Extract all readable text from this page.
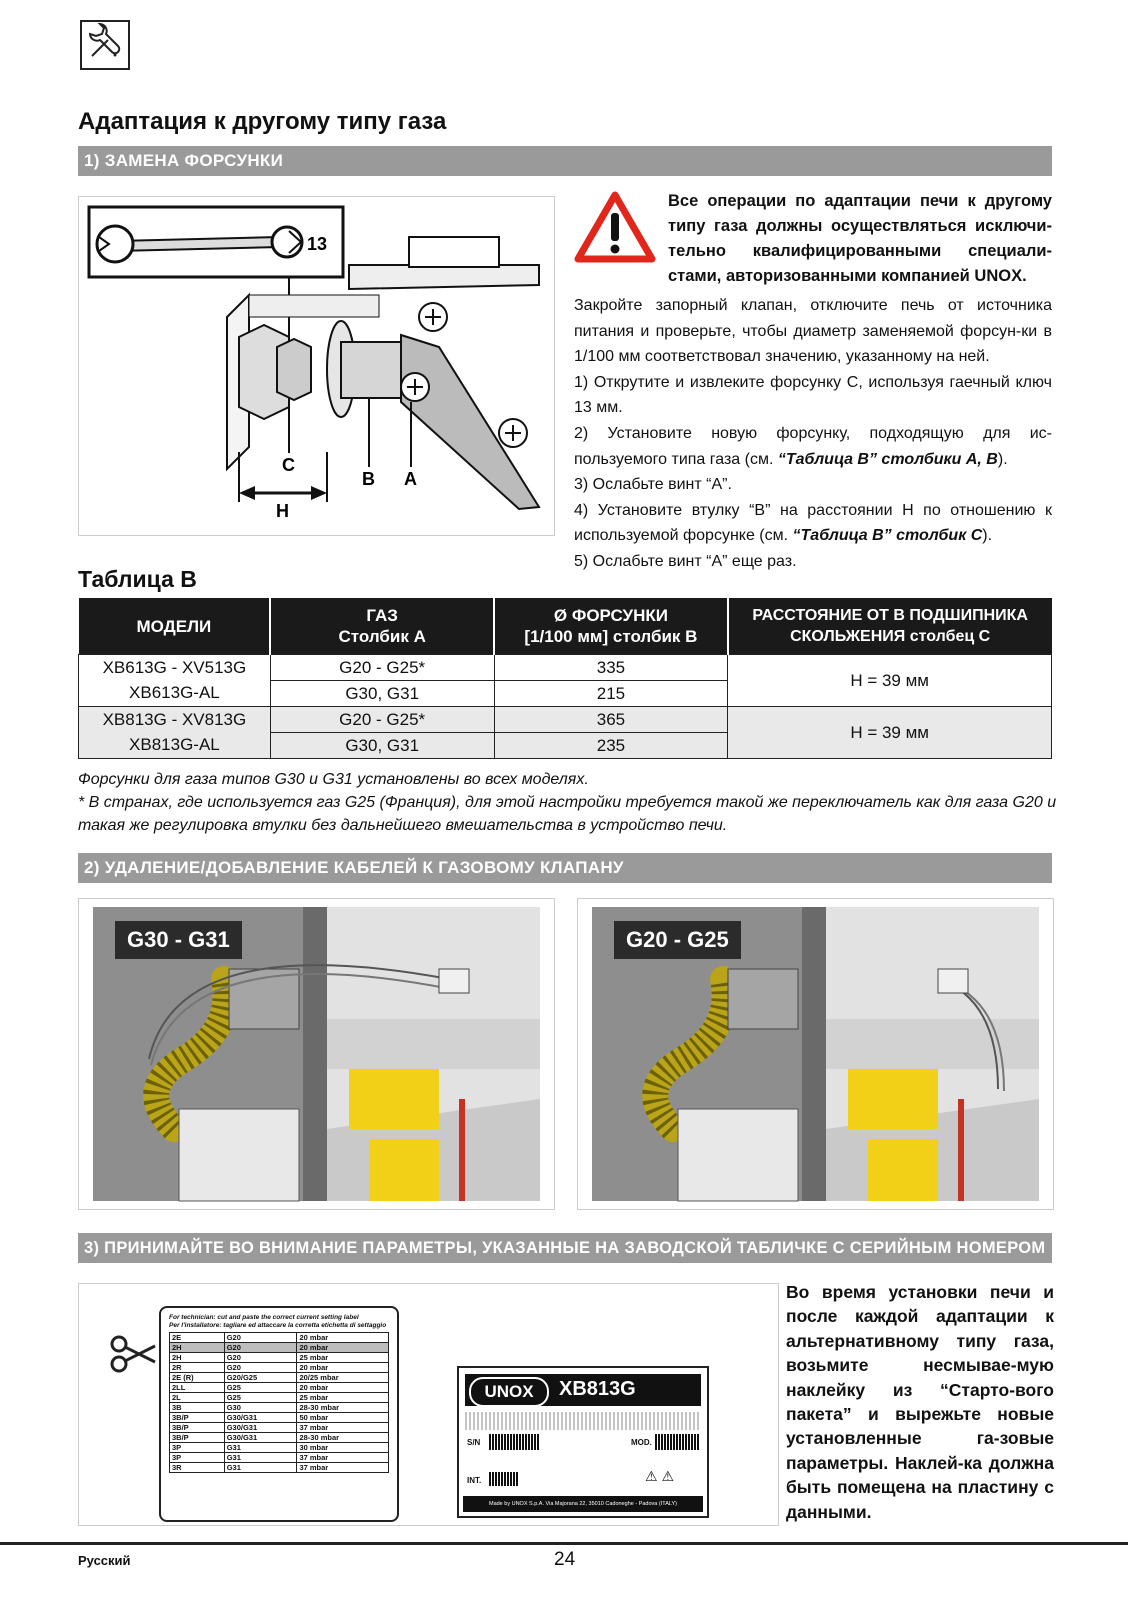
Адаптация к другому типу газа
1) ЗАМЕНА ФОРСУНКИ
13
C
B A
H
Все операции по адаптации печи к другому типу газа должны осуществляться исключи-тельно квалифицированными специали-стами, авторизованными компанией UNOX.

Закройте запорный клапан, отключите печь от источника питания и проверьте, чтобы диаметр заменяемой форсун-ки в 1/100 мм соответствовал значению, указанному на ней.

1) Открутите и извлеките форсунку С, используя гаечный ключ 13 мм.

2) Установите новую форсунку, подходящую для ис-пользуемого типа газа (см. “Таблица В” столбики А, В).

3) Ослабьте винт “А”.

4) Установите втулку “В” на расстоянии Н по отношению к используемой форсунке (см. “Таблица В” столбик С).

5) Ослабьте винт “А” еще раз.

Таблица В
МОДЕЛИ	ГАЗ
Столбик А	Ø ФОРСУНКИ
[1/100 мм] столбик В	РАССТОЯНИЕ ОТ В ПОДШИПНИКА
СКОЛЬЖЕНИЯ столбец С
XB613G - XV513G	G20 - G25*	335	H = 39 мм
XB613G-AL	G30, G31	215	
XB813G - XV813G	G20 - G25*	365	H = 39 мм
XB813G-AL	G30, G31	235	
Форсунки для газа типов G30 и G31 установлены во всех моделях.
* В странах, где используется газ G25 (Франция), для этой настройки требуется такой же переключатель как для газа G20 и такая же регулировка втулки без дальнейшего вмешательства в устройство печи.
2) УДАЛЕНИЕ/ДОБАВЛЕНИЕ КАБЕЛЕЙ К ГАЗОВОМУ КЛАПАНУ
G30 - G31	G20 - G25
3) ПРИНИМАЙТЕ ВО ВНИМАНИЕ ПАРАМЕТРЫ, УКАЗАННЫЕ НА ЗАВОДСКОЙ ТАБЛИЧКЕ С СЕРИЙНЫМ НОМЕРОМ
For technician: cut and paste the correct current setting label
Per l'installatore: tagliare ed attaccare la corretta etichetta di settaggio
2E	G20	20 mbar
2H	G20	20 mbar
2H	G20	25 mbar
2R	G20	20 mbar
2E (R)	G20/G25	20/25 mbar
2LL	G25	20 mbar
2L	G25	25 mbar
3B	G30	28-30 mbar
3B/P	G30/G31	50 mbar
3B/P	G30/G31	37 mbar
3B/P	G30/G31	28-30 mbar
3P	G31	30 mbar
3P	G31	37 mbar
3R	G31	37 mbar
UNOX	XB813G
S/N	MOD.
INT.	⚠ ⚠
Made by UNOX S.p.A. Via Majorana 22, 35010 Cadoneghe - Padova (ITALY)
Во время установки печи и после каждой адаптации к альтернативному типу газа, возьмите несмывае-мую наклейку из “Старто-вого пакета” и вырежьте новые установленные га-зовые параметры. Наклей-ка должна быть помещена на пластину с данными.
Русский	24
